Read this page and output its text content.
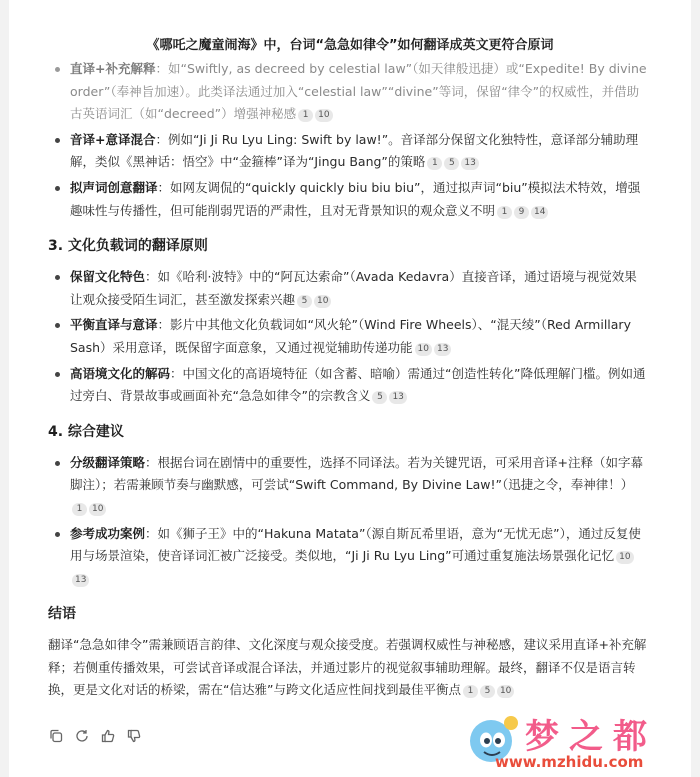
《哪吒之魔童闹海》中，台词“急急如律令”如何翻译成英文更符合原词
直译+补充解释：如“Swiftly, as decreed by celestial law”（如天律般迅捷）或“Expedite! By divine order”（奉神旨加速）。此类译法通过加入“celestial law”“divine”等词，保留“律令”的权威性，并借助古英语词汇（如“decreed”）增强神秘感 1 10
音译+意译混合：例如“Ji Ji Ru Lyu Ling: Swift by law!”。音译部分保留文化独特性，意译部分辅助理解，类似《黑神话：悟空》中“金箍棒”译为“Jingu Bang”的策略 1 5 13
拟声词创意翻译：如网友调侃的“quickly quickly biu biu biu”，通过拟声词“biu”模拟法术特效，增强趣味性与传播性，但可能削弱咒语的严肃性，且对无背景知识的观众意义不明 1 9 14
3. 文化负载词的翻译原则
保留文化特色：如《哈利·波特》中的“阿瓦达索命”（Avada Kedavra）直接音译，通过语境与视觉效果让观众接受陌生词汇，甚至激发探索兴趣 5 10
平衡直译与意译：影片中其他文化负载词如“风火轮”（Wind Fire Wheels）、“混天绫”（Red Armillary Sash）采用意译，既保留字面意象，又通过视觉辅助传递功能 10 13
高语境文化的解码：中国文化的高语境特征（如含蓄、暗喻）需通过“创造性转化”降低理解门槛。例如通过旁白、背景故事或画面补充“急急如律令”的宗教含义 5 13
4. 综合建议
分级翻译策略：根据台词在剧情中的重要性，选择不同译法。若为关键咒语，可采用音译+注释（如字幕脚注）；若需兼顾节奏与幽默感，可尝试“Swift Command, By Divine Law!”（迅捷之令，奉神律！）1 10
参考成功案例：如《狮子王》中的“Hakuna Matata”（源自斯瓦希里语，意为“无忧无虑”），通过反复使用与场景渲染，使音译词汇被广泛接受。类似地，“Ji Ji Ru Lyu Ling”可通过重复施法场景强化记忆 1013
结语

翻译“急急如律令”需兼顾语言韵律、文化深度与观众接受度。若强调权威性与神秘感，建议采用直译+补充解释；若侧重传播效果，可尝试音译或混合译法，并通过影片的视觉叙事辅助理解。最终，翻译不仅是语言转换，更是文化对话的桥梁，需在“信达雅”与跨文化适应性间找到最佳平衡点 1 5 10

梦之都
www.mzhidu.com
